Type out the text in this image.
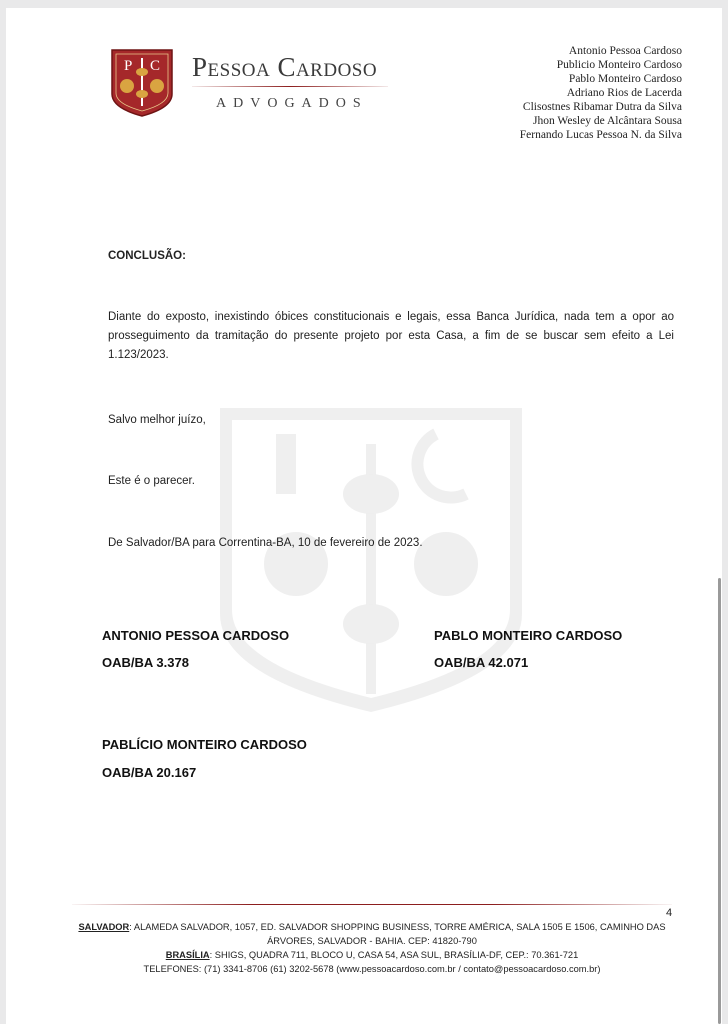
P C Pessoa Cardoso
ADVOGADOS
Antonio Pessoa Cardoso
Publicio Monteiro Cardoso
Pablo Monteiro Cardoso
Adriano Rios de Lacerda
Clisostnes Ribamar Dutra da Silva
Jhon Wesley de Alcântara Sousa
Fernando Lucas Pessoa N. da Silva
CONCLUSÃO:
Diante do exposto, inexistindo óbices constitucionais e legais, essa Banca Jurídica, nada tem a opor ao prosseguimento da tramitação do presente projeto por esta Casa, a fim de se buscar sem efeito a Lei 1.123/2023.
Salvo melhor juízo,
Este é o parecer.
De Salvador/BA para Correntina-BA, 10 de fevereiro de 2023.
ANTONIO PESSOA CARDOSO
OAB/BA 3.378
PABLO MONTEIRO CARDOSO
OAB/BA 42.071
PABLÍCIO MONTEIRO CARDOSO
OAB/BA 20.167
4
SALVADOR: ALAMEDA SALVADOR, 1057, ED. SALVADOR SHOPPING BUSINESS, TORRE AMÉRICA, SALA 1505 E 1506, CAMINHO DAS ÁRVORES, SALVADOR - BAHIA. CEP: 41820-790
BRASÍLIA: SHIGS, QUADRA 711, BLOCO U, CASA 54, ASA SUL, BRASÍLIA-DF, CEP.: 70.361-721
TELEFONES: (71) 3341-8706 (61) 3202-5678 (www.pessoacardoso.com.br / contato@pessoacardoso.com.br)
